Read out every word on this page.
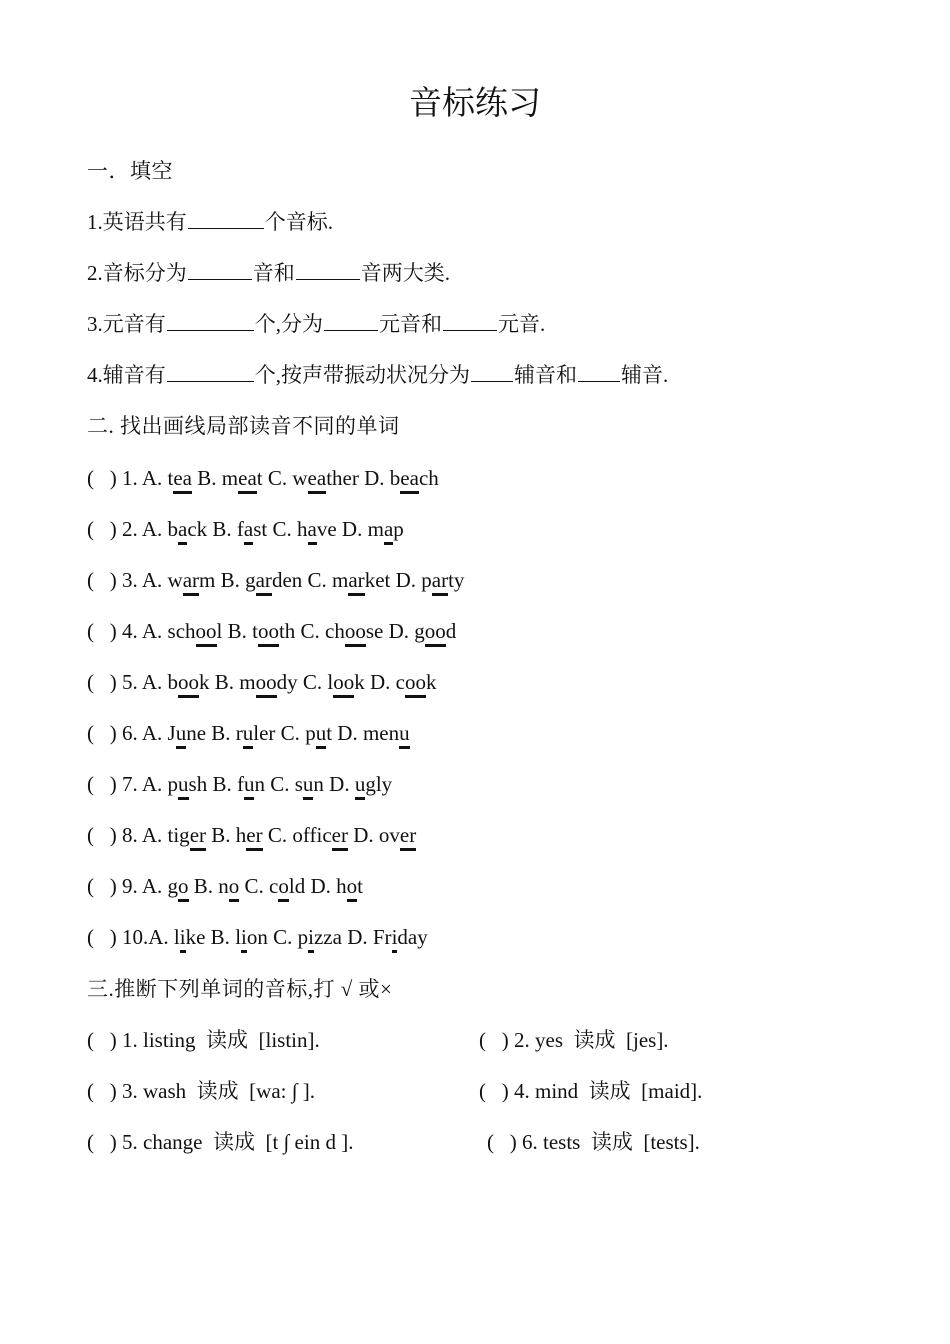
音标练习
一．填空
1.英语共有	个音标.
2.音标分为	音和	音两大类.
3.元音有	个,分为	元音和	元音.
4.辅音有	个,按声带振动状况分为 辅音和 辅音.
二. 找出画线局部读音不同的单词
(   ) 1. A. tea B. meat C. weather D. beach
(   ) 2. A. back B. fast C. have D. map
(   ) 3. A. warm B. garden C. market D. party
(   ) 4. A. school B. tooth C. choose D. good
(   ) 5. A. book B. moody C. look D. cook
(   ) 6. A. June B. ruler C. put D. menu
(   ) 7. A. push B. fun C. sun D. ugly
(   ) 8. A. tiger B. her C. officer D. over
(   ) 9. A. go B. no C. cold D. hot
(   ) 10.A. like B. lion C. pizza D. Friday
三.推断下列单词的音标,打 √ 或×
(   ) 1. listing  读成  [listin].	(   ) 2. yes  读成  [jes].
(   ) 3. wash  读成  [wa: ∫ ].	(   ) 4. mind  读成  [maid].
(   ) 5. change  读成  [t ∫ ein d ].	(   ) 6. tests  读成  [tests].
